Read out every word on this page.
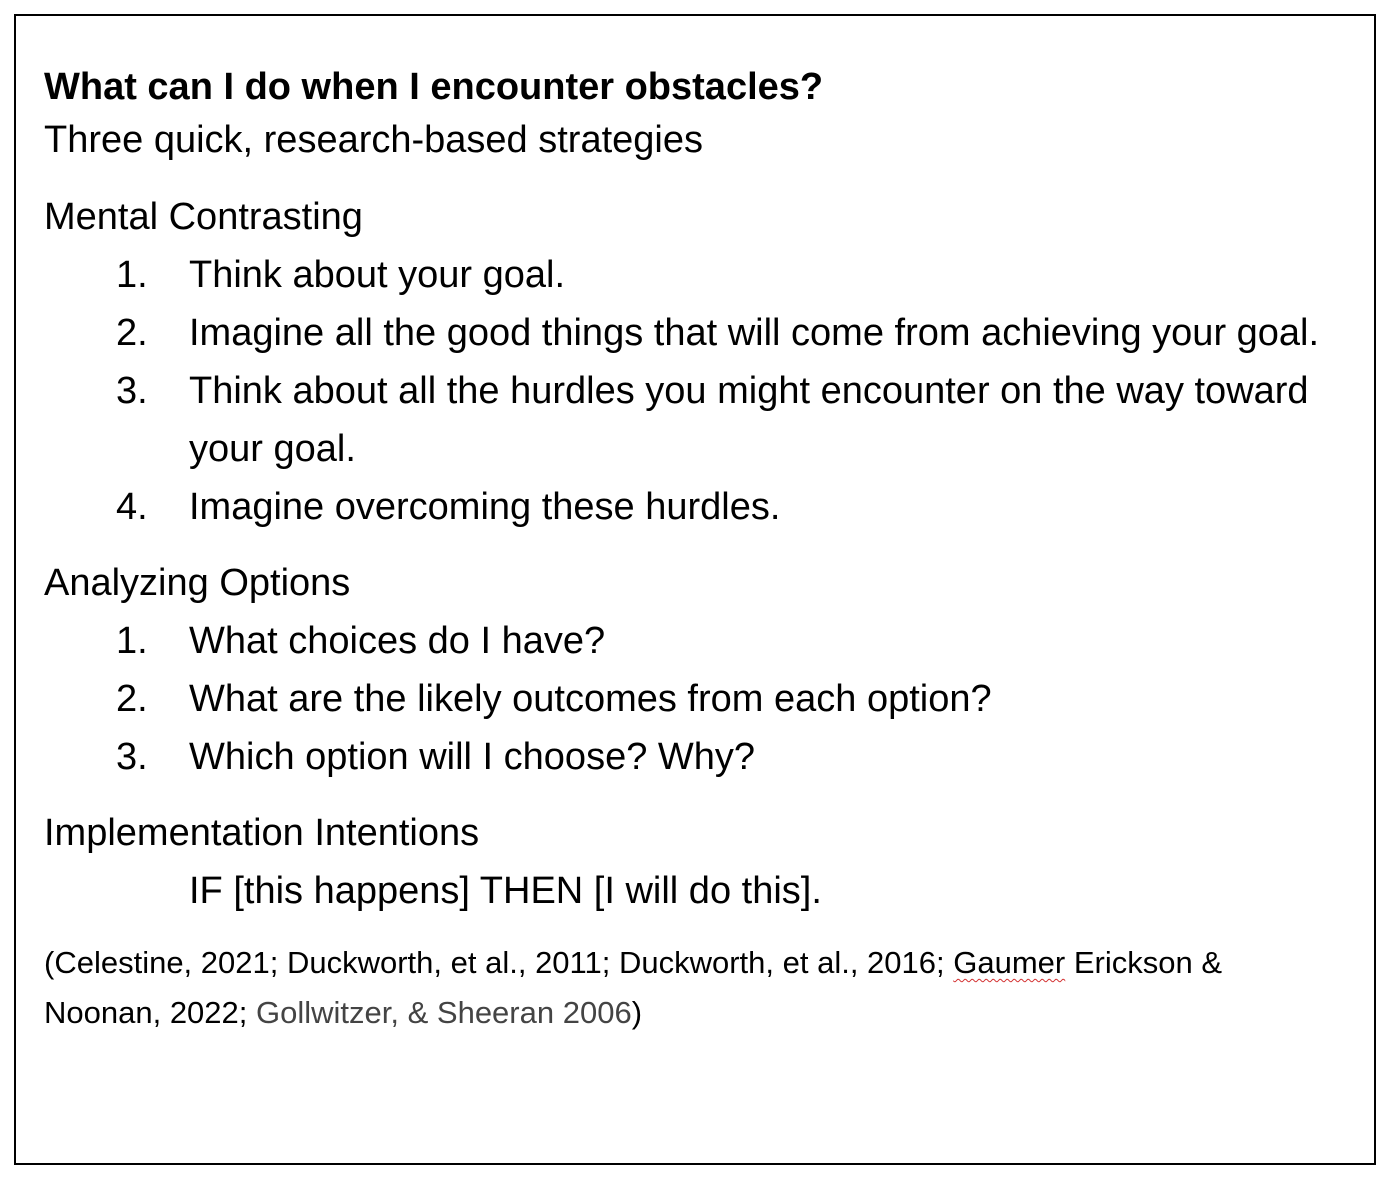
What can I do when I encounter obstacles?

Three quick, research-based strategies

Mental Contrasting

1. Think about your goal.
2. Imagine all the good things that will come from achieving your goal.
3. Think about all the hurdles you might encounter on the way toward your goal.
4. Imagine overcoming these hurdles.

Analyzing Options

1. What choices do I have?
2. What are the likely outcomes from each option?
3. Which option will I choose? Why?

Implementation Intentions

IF [this happens] THEN [I will do this].

(Celestine, 2021; Duckworth, et al., 2011; Duckworth, et al., 2016; Gaumer Erickson & Noonan, 2022; Gollwitzer, & Sheeran 2006)
